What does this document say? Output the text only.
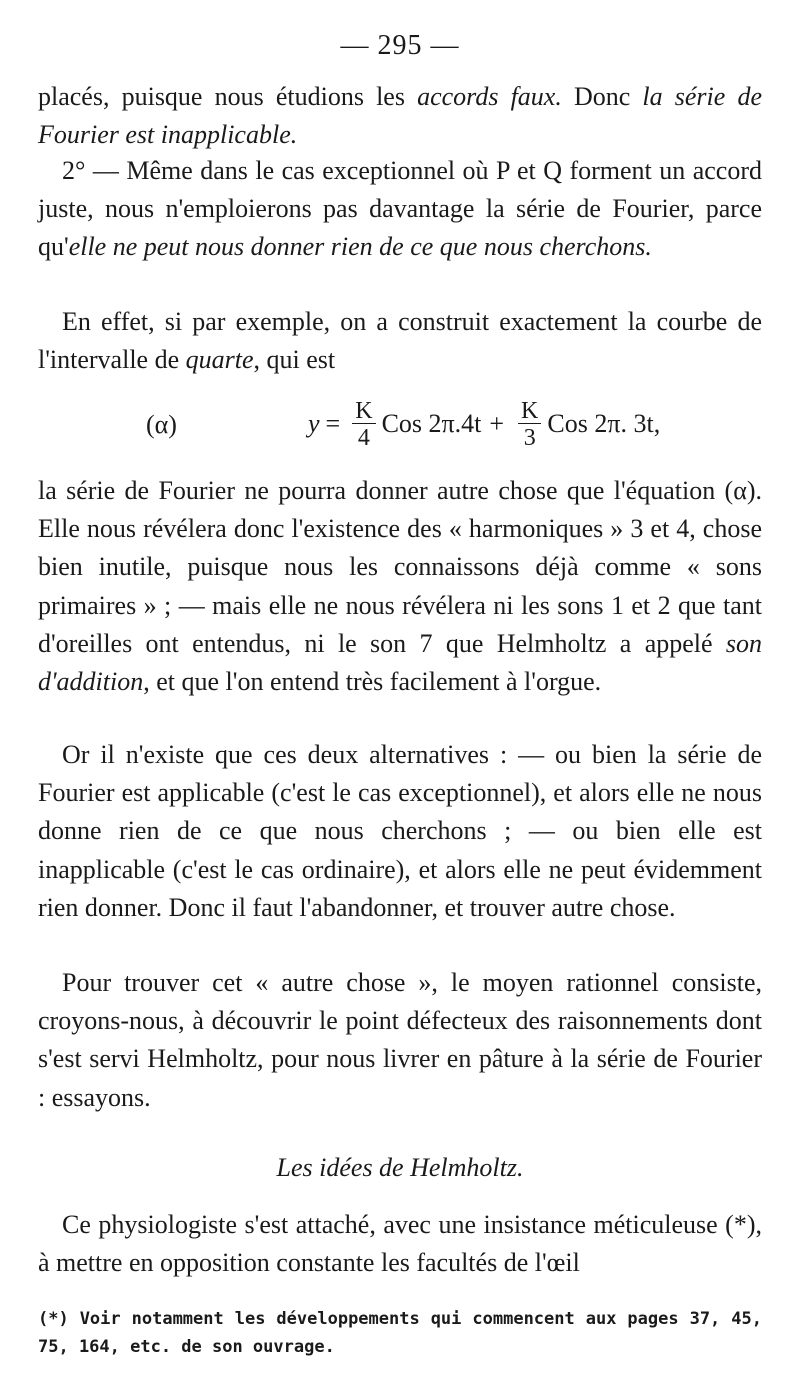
— 295 —

placés, puisque nous étudions les accords faux. Donc la série de Fourier est inapplicable.

2° — Même dans le cas exceptionnel où P et Q forment un accord juste, nous n'emploierons pas davantage la série de Fourier, parce qu'elle ne peut nous donner rien de ce que nous cherchons.

En effet, si par exemple, on a construit exactement la courbe de l'intervalle de quarte, qui est

(α)	$y = \frac{K}{4}$ Cos $2\pi.4t + \frac{K}{3}$ Cos 2π. 3t,

la série de Fourier ne pourra donner autre chose que l'équation (α). Elle nous révélera donc l'existence des « harmoniques » 3 et 4, chose bien inutile, puisque nous les connaissons déjà comme « sons primaires » ; — mais elle ne nous révélera ni les sons 1 et 2 que tant d'oreilles ont entendus, ni le son 7 que Helmholtz a appelé son d'addition, et que l'on entend très facilement à l'orgue.

Or il n'existe que ces deux alternatives : — ou bien la série de Fourier est applicable (c'est le cas exceptionnel), et alors elle ne nous donne rien de ce que nous cherchons ; — ou bien elle est inapplicable (c'est le cas ordinaire), et alors elle ne peut évidemment rien donner. Donc il faut l'abandonner, et trouver autre chose.

Pour trouver cet « autre chose », le moyen rationnel consiste, croyons-nous, à découvrir le point défecteux des raisonnements dont s'est servi Helmholtz, pour nous livrer en pâture à la série de Fourier : essayons.

Les idées de Helmholtz.

Ce physiologiste s'est attaché, avec une insistance méticuleuse (*), à mettre en opposition constante les facultés de l'œil

(*) Voir notamment les développements qui commencent aux pages 37, 45, 75, 164, etc. de son ouvrage.
